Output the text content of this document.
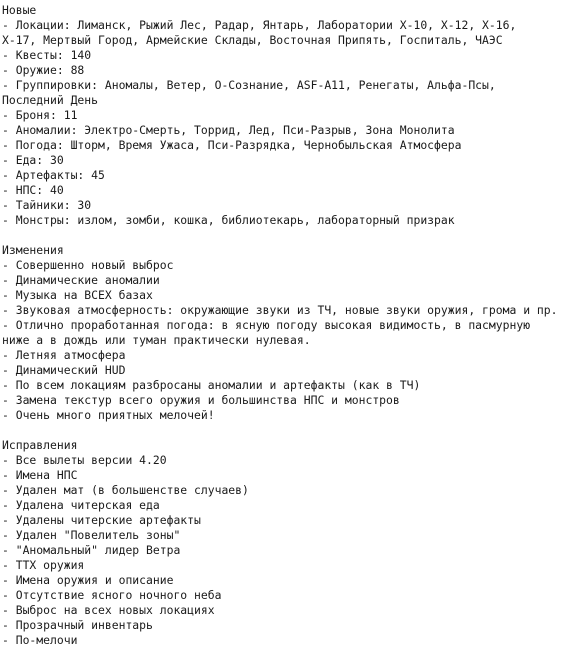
Новые
- Локации: Лиманск, Рыжий Лес, Радар, Янтарь, Лаборатории X-10, X-12, X-16,
X-17, Мертвый Город, Армейские Склады, Восточная Припять, Госпиталь, ЧАЭС
- Квесты: 140
- Оружие: 88
- Группировки: Аномалы, Ветер, О-Сознание, ASF-A11, Ренегаты, Альфа-Псы,
Последний День
- Броня: 11
- Аномалии: Электро-Смерть, Торрид, Лед, Пси-Разрыв, Зона Монолита
- Погода: Шторм, Время Ужаса, Пси-Разрядка, Чернобыльская Атмосфера
- Еда: 30
- Артефакты: 45
- НПС: 40
- Тайники: 30
- Монстры: излом, зомби, кошка, библиотекарь, лабораторный призрак
Изменения
- Совершенно новый выброс
- Динамические аномалии
- Музыка на ВСЕХ базах
- Звуковая атмосферность: окружающие звуки из ТЧ, новые звуки оружия, грома и пр.
- Отлично проработанная погода: в ясную погоду высокая видимость, в пасмурную
ниже а в дождь или туман практически нулевая.
- Летняя атмосфера
- Динамический HUD
- По всем локациям разбросаны аномалии и артефакты (как в ТЧ)
- Замена текстур всего оружия и большинства НПС и монстров
- Очень много приятных мелочей!
Исправления
- Все вылеты версии 4.20
- Имена НПС
- Удален мат (в большенстве случаев)
- Удалена читерская еда
- Удалены читерские артефакты
- Удален "Повелитель зоны"
- "Аномальный" лидер Ветра
- ТТХ оружия
- Имена оружия и описание
- Отсутствие ясного ночного неба
- Выброс на всех новых локациях
- Прозрачный инвентарь
- По-мелочи
